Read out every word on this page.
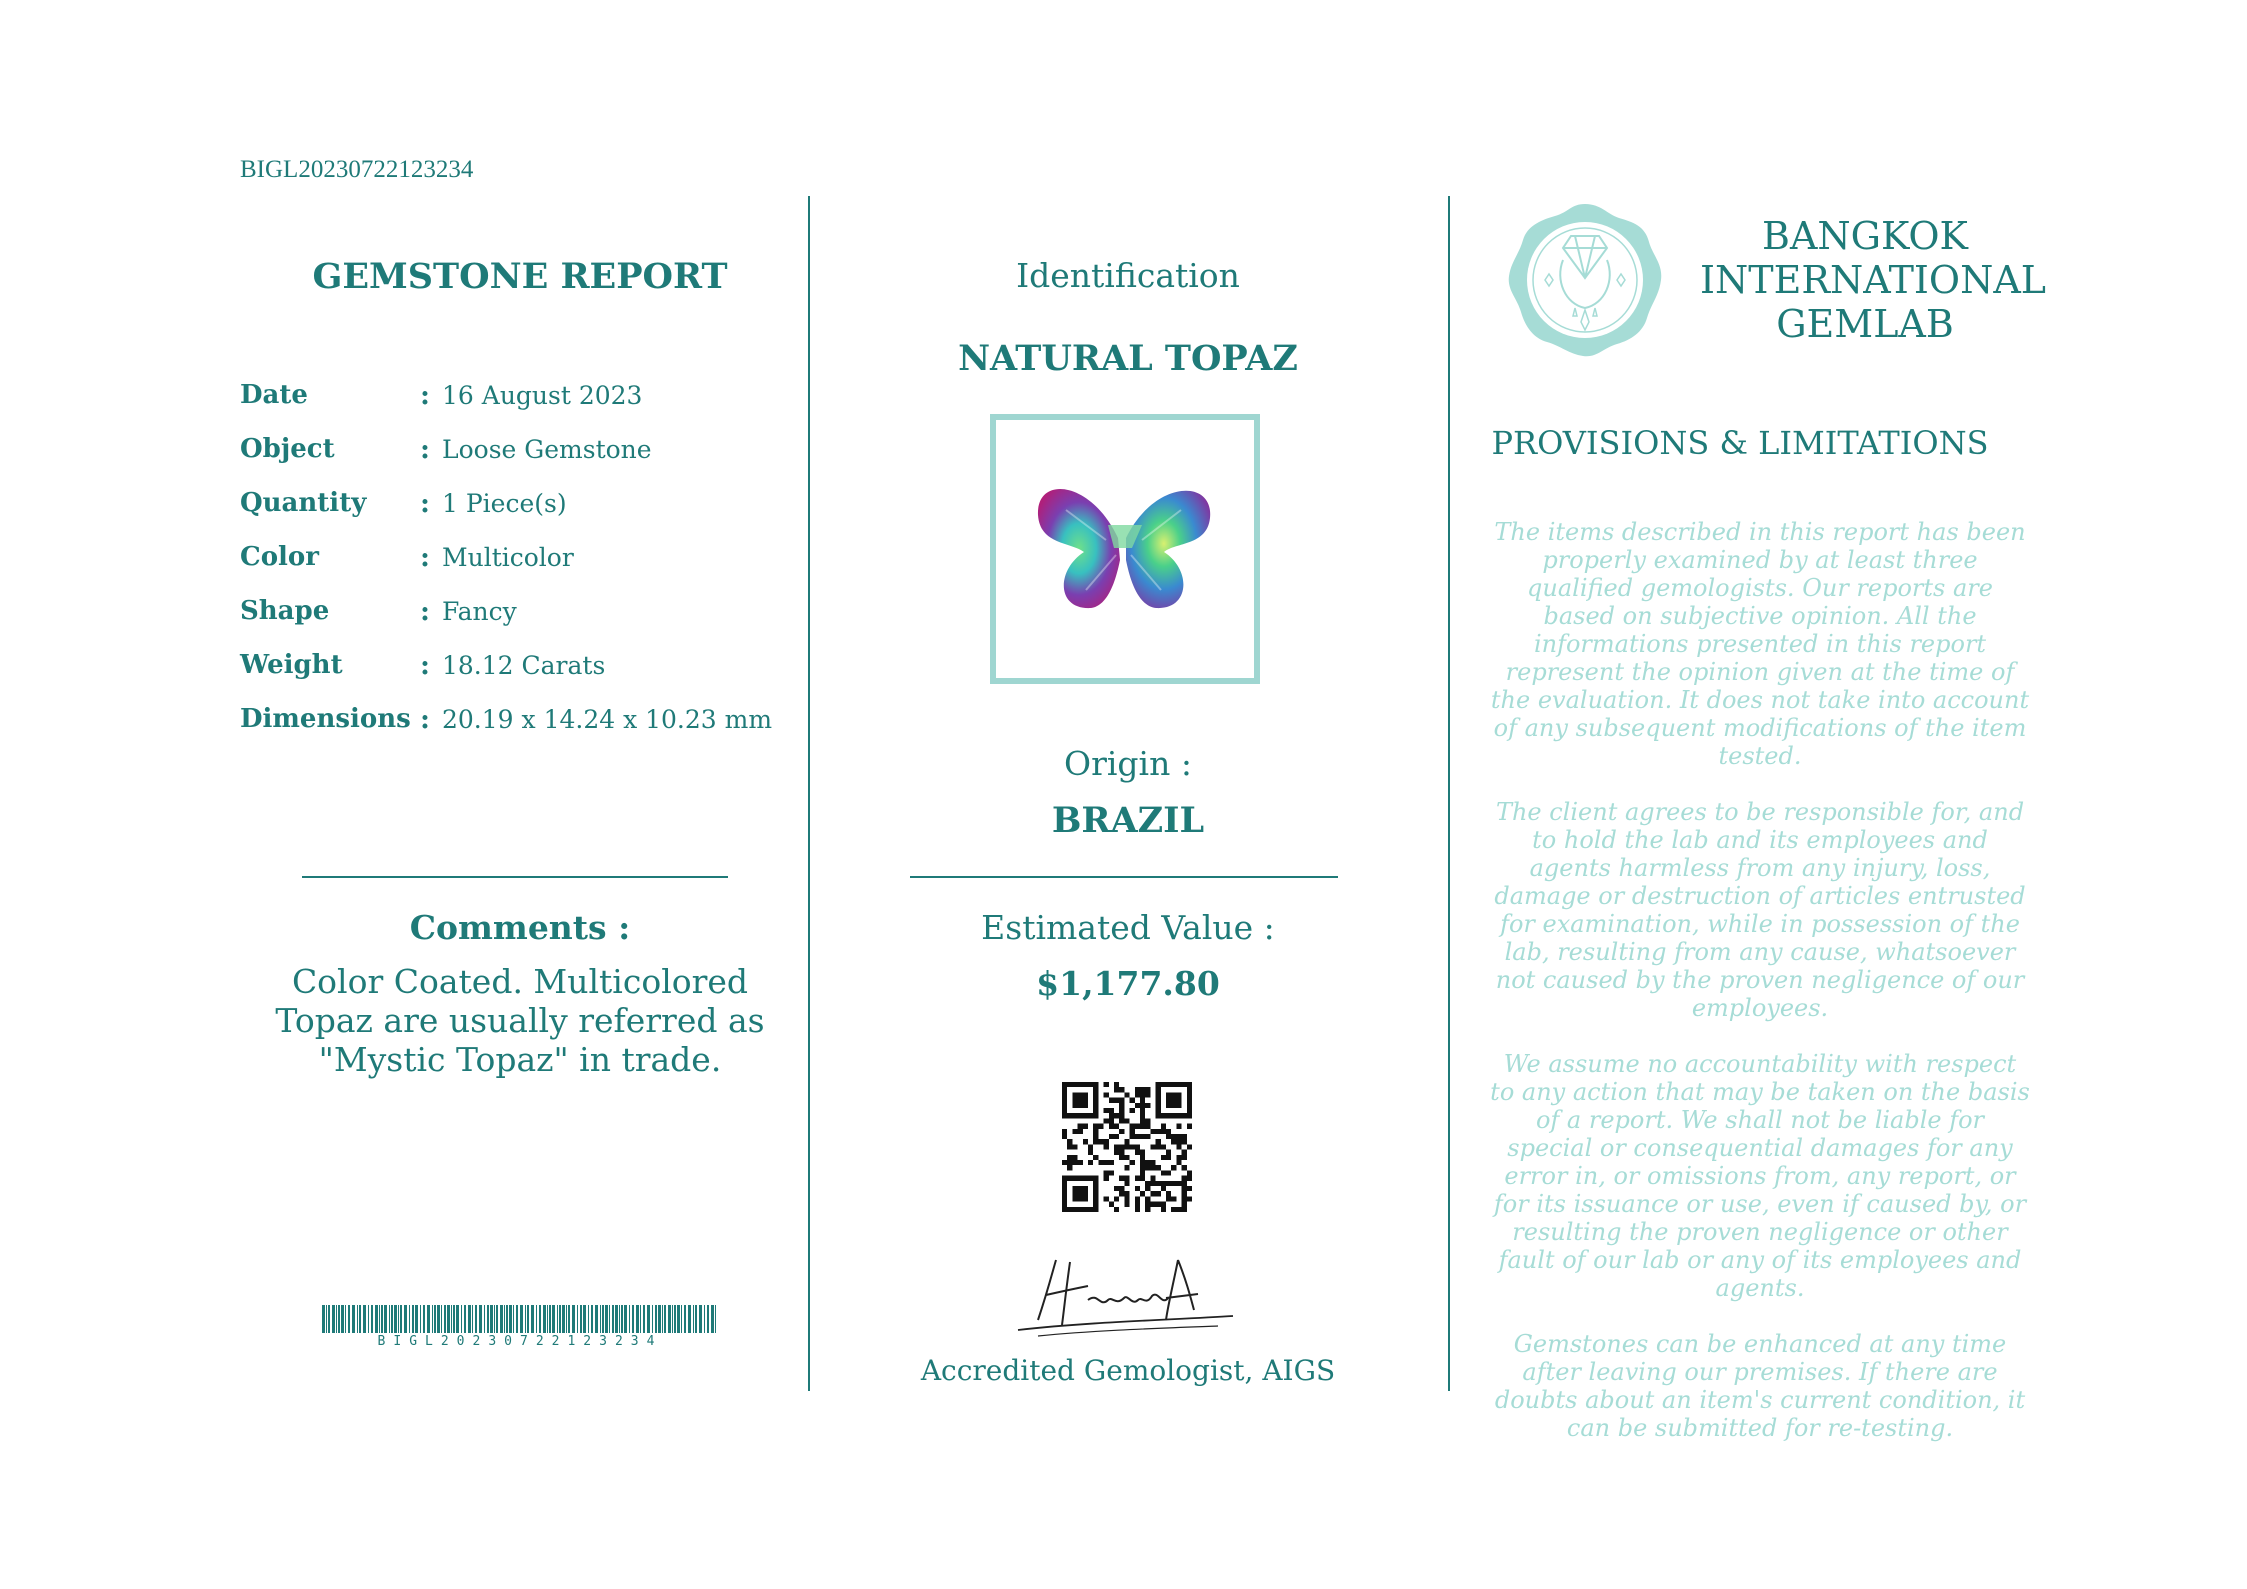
BIGL20230722123234
GEMSTONE REPORT
Date	: 16 August 2023
Object	: Loose Gemstone
Quantity	: 1 Piece(s)
Color	: Multicolor
Shape	: Fancy
Weight	: 18.12 Carats
Dimensions : 20.19 x 14.24 x 10.23 mm
Comments :
Color Coated. Multicolored Topaz are usually referred as "Mystic Topaz" in trade.
BIGL20230722123234
Identification
NATURAL TOPAZ
Origin :
BRAZIL
Estimated Value :
$1,177.80
Accredited Gemologist, AIGS
BANGKOK
INTERNATIONAL
GEMLAB
PROVISIONS & LIMITATIONS

The items described in this report has been properly examined by at least three qualified gemologists. Our reports are based on subjective opinion. All the informations presented in this report represent the opinion given at the time of the evaluation. It does not take into account of any subsequent modifications of the item tested.

The client agrees to be responsible for, and to hold the lab and its employees and agents harmless from any injury, loss, damage or destruction of articles entrusted for examination, while in possession of the lab, resulting from any cause, whatsoever not caused by the proven negligence of our employees.

We assume no accountability with respect to any action that may be taken on the basis of a report. We shall not be liable for special or consequential damages for any error in, or omissions from, any report, or for its issuance or use, even if caused by, or resulting the proven negligence or other fault of our lab or any of its employees and agents.

Gemstones can be enhanced at any time after leaving our premises. If there are doubts about an item's current condition, it can be submitted for re-testing.
